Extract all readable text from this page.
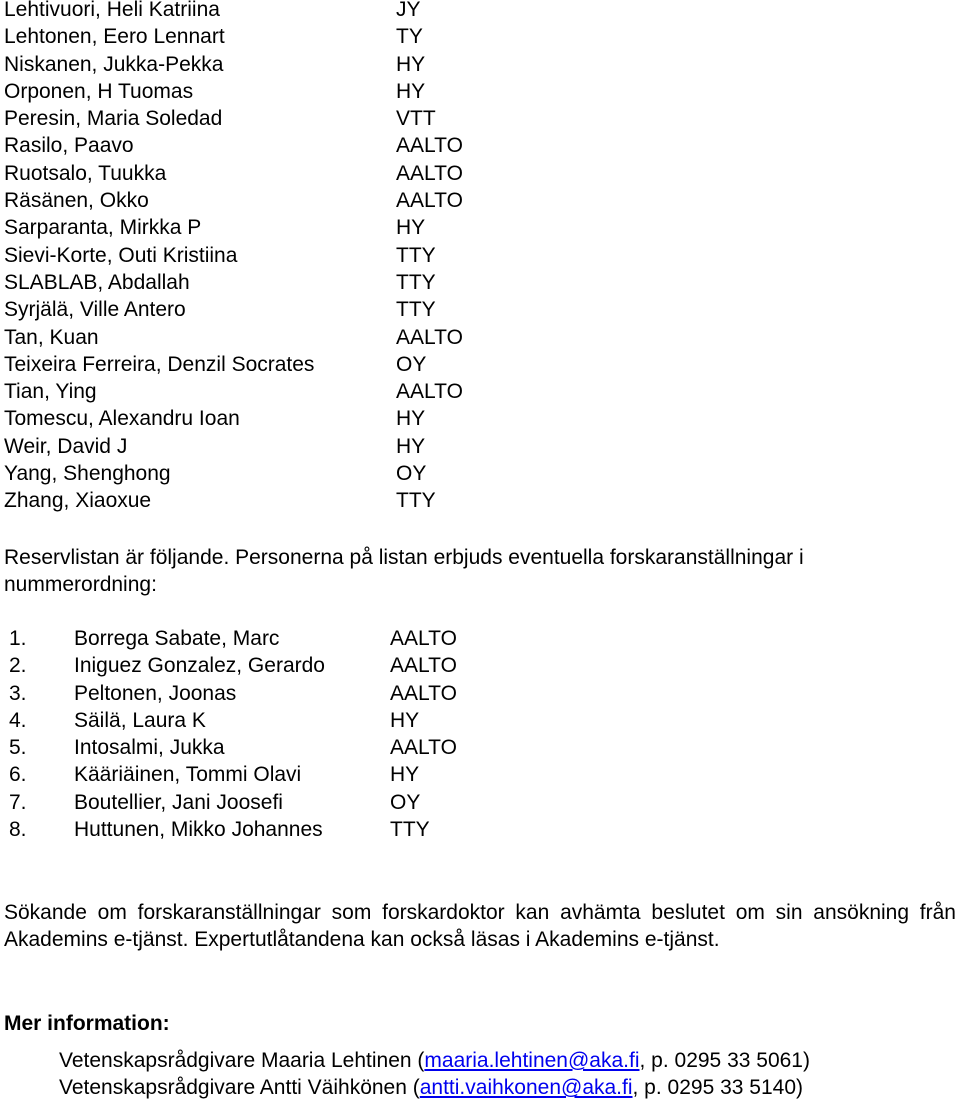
Lehtivuori, Heli Katriina	JY
Lehtonen, Eero Lennart	TY
Niskanen, Jukka-Pekka	HY
Orponen, H Tuomas	HY
Peresin, Maria Soledad	VTT
Rasilo, Paavo	AALTO
Ruotsalo, Tuukka	AALTO
Räsänen, Okko	AALTO
Sarparanta, Mirkka P	HY
Sievi-Korte, Outi Kristiina	TTY
SLABLAB, Abdallah	TTY
Syrjälä, Ville Antero	TTY
Tan, Kuan	AALTO
Teixeira Ferreira, Denzil Socrates	OY
Tian, Ying	AALTO
Tomescu, Alexandru Ioan	HY
Weir, David J	HY
Yang, Shenghong	OY
Zhang, Xiaoxue	TTY
Reservlistan är följande. Personerna på listan erbjuds eventuella forskaranställningar i nummerordning:
1. Borrega Sabate, Marc	AALTO
2. Iniguez Gonzalez, Gerardo	AALTO
3. Peltonen, Joonas	AALTO
4. Säilä, Laura K	HY
5. Intosalmi, Jukka	AALTO
6. Kääriäinen, Tommi Olavi	HY
7. Boutellier, Jani Joosefi	OY
8. Huttunen, Mikko Johannes	TTY
Sökande om forskaranställningar som forskardoktor kan avhämta beslutet om sin ansökning från Akademins e-tjänst. Expertutlåtandena kan också läsas i Akademins e-tjänst.
Mer information:
Vetenskapsrådgivare Maaria Lehtinen (maaria.lehtinen@aka.fi, p. 0295 33 5061)
Vetenskapsrådgivare Antti Väihkönen (antti.vaihkonen@aka.fi, p. 0295 33 5140)
